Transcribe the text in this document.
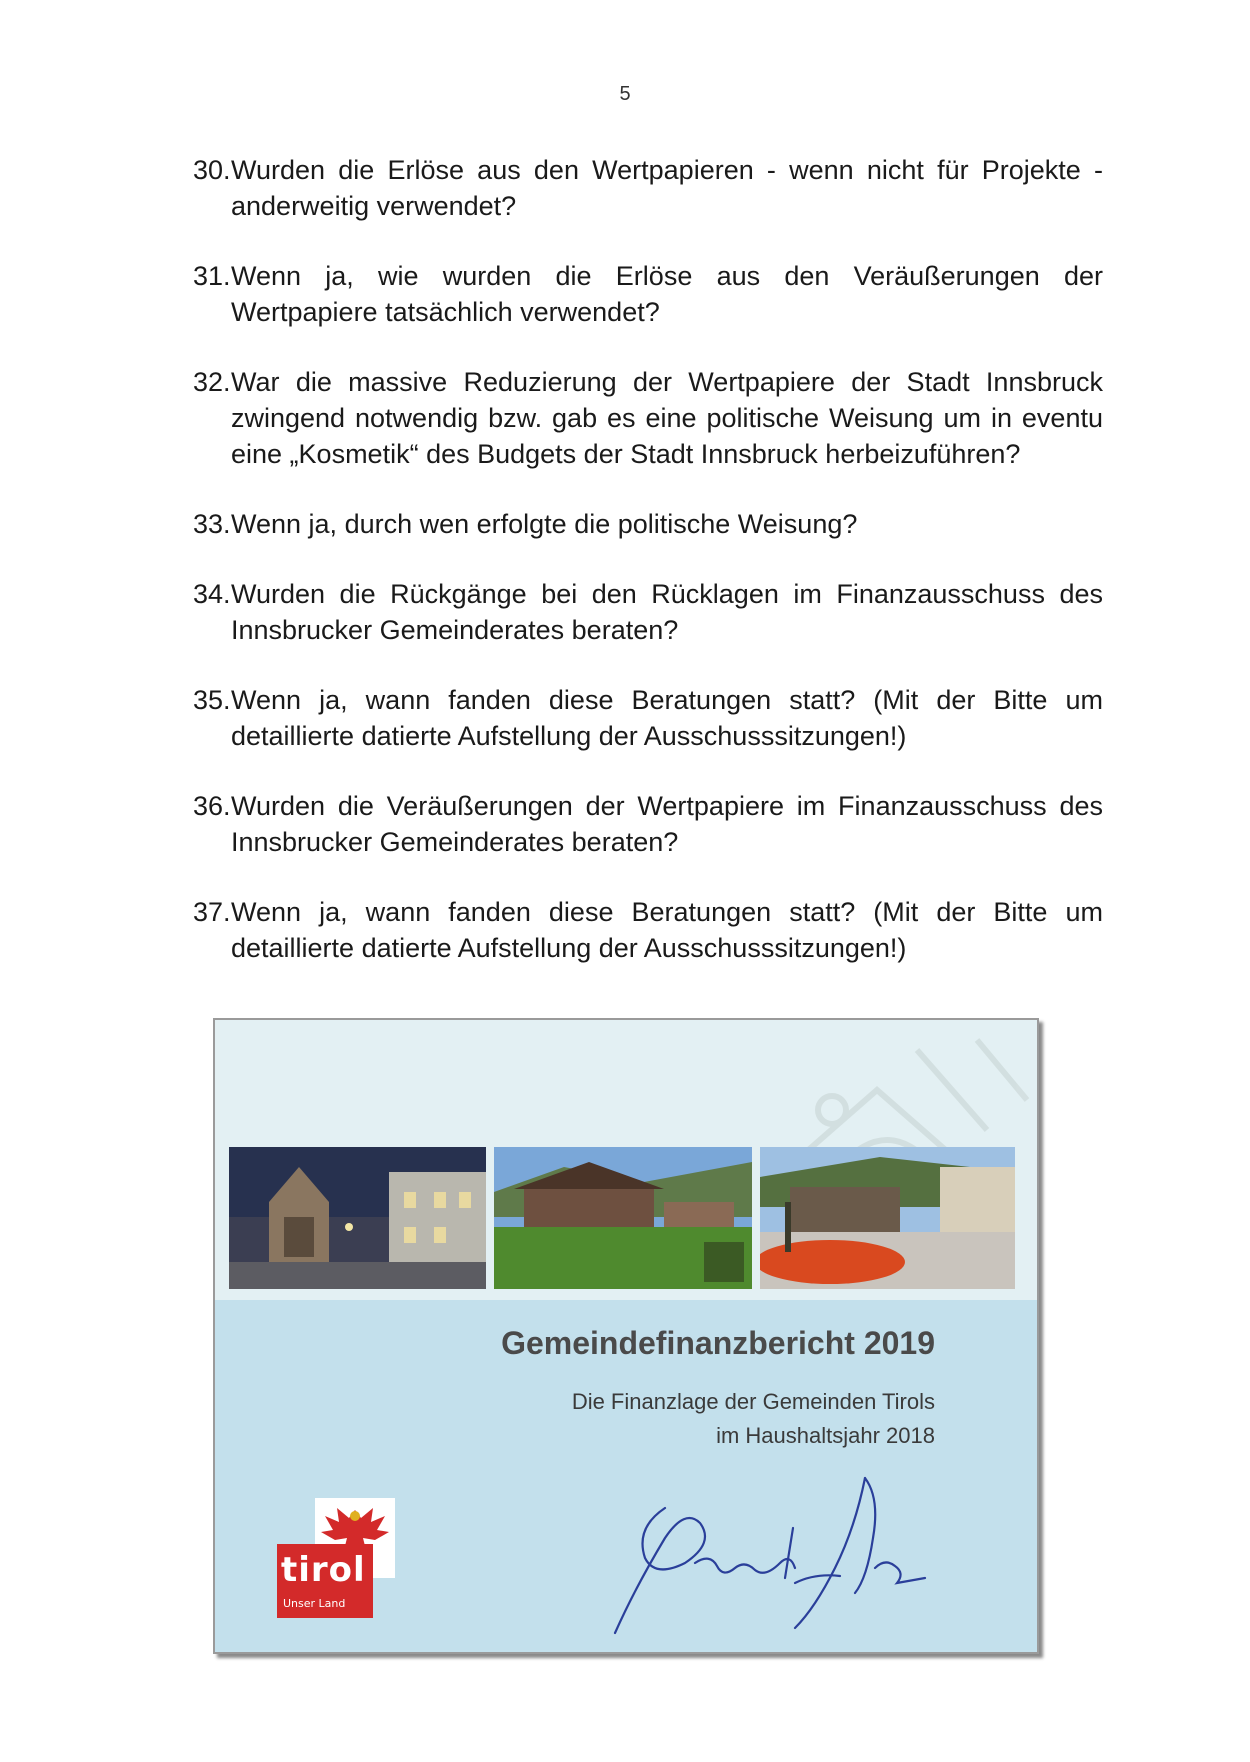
5
30. Wurden die Erlöse aus den Wertpapieren - wenn nicht für Projekte - anderweitig verwendet?
31. Wenn ja, wie wurden die Erlöse aus den Veräußerungen der Wertpapiere tatsächlich verwendet?
32. War die massive Reduzierung der Wertpapiere der Stadt Innsbruck zwingend notwendig bzw. gab es eine politische Weisung um in eventu eine „Kosmetik“ des Budgets der Stadt Innsbruck herbeizuführen?
33. Wenn ja, durch wen erfolgte die politische Weisung?
34. Wurden die Rückgänge bei den Rücklagen im Finanzausschuss des Innsbrucker Gemeinderates beraten?
35. Wenn ja, wann fanden diese Beratungen statt? (Mit der Bitte um detaillierte datierte Aufstellung der Ausschusssitzungen!)
36. Wurden die Veräußerungen der Wertpapiere im Finanzausschuss des Innsbrucker Gemeinderates beraten?
37. Wenn ja, wann fanden diese Beratungen statt? (Mit der Bitte um detaillierte datierte Aufstellung der Ausschusssitzungen!)
Gemeindefinanzbericht 2019
Die Finanzlage der Gemeinden Tirols
im Haushaltsjahr 2018
tirol
Unser Land
